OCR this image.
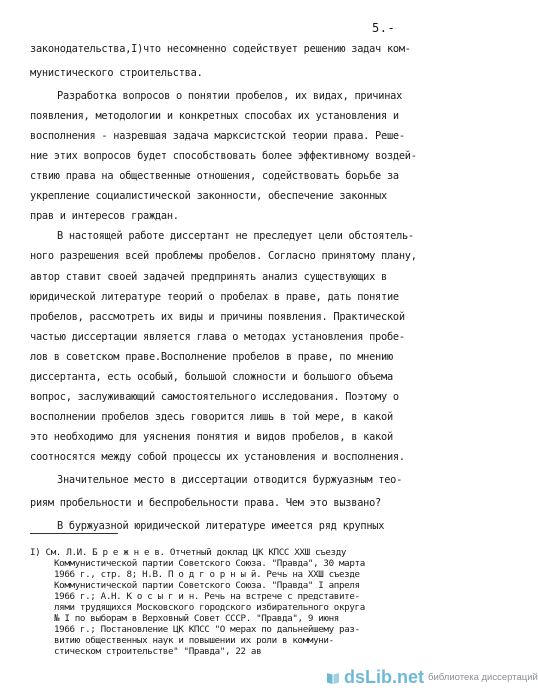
5.-
законодательства,I)что несомненно содействует решению задач ком-
мунистического строительства.
Разработка вопросов о понятии пробелов, их видах, причинах
появления, методологии и конкретных способах их установления и
восполнения - назревшая задача марксистской теории права. Реше-
ние этих вопросов будет способствовать более эффективному воздей-
ствию права на общественные отношения, содействовать борьбе за
укрепление социалистической законности, обеспечение законных
прав и интересов граждан.
В настоящей работе диссертант не преследует цели обстоятель-
ного разрешения всей проблемы пробелов. Согласно принятому плану,
автор ставит своей задачей предпринять анализ существующих в
юридической литературе теорий о пробелах в праве, дать понятие
пробелов, рассмотреть их виды и причины появления. Практической
частью диссертации является глава о методах установления пробе-
лов в советском праве.Восполнение пробелов в праве, по мнению
диссертанта, есть особый, большой сложности и большого объема
вопрос, заслуживающий самостоятельного исследования. Поэтому о
восполнении пробелов здесь говорится лишь в той мере, в какой
это необходимо для уяснения понятия и видов пробелов, в какой
соотносятся между собой процессы их установления и восполнения.
Значительное место в диссертации отводится буржуазным тео-
риям пробельности и беспробельности права. Чем это вызвано?
В буржуазной юридической литературе имеется ряд крупных
I) См. Л.И. Б р е ж н е в. Отчетный доклад ЦК КПСС ХХШ съезду
Коммунистической партии Советского Союза. "Правда", 30 марта
1966 г., стр. 8; Н.В. П о д г о р н ы й. Речь на ХХШ съезде
Коммунистической партии Советского Союза. "Правда" I апреля
1966 г.; А.Н. К о с ы г и н. Речь на встрече с представите-
лями трудящихся Московского городского избирательного округа
№ I по выборам в Верховный Совет СССР. "Правда", 9 июня
1966 г.; Постановление ЦК КПСС "О мерах по дальнейшему раз-
витию общественных наук и повышении их роли в коммуни-
стическом строительстве" "Правда", 22 ав
dsLib.net библиотека диссертаций
